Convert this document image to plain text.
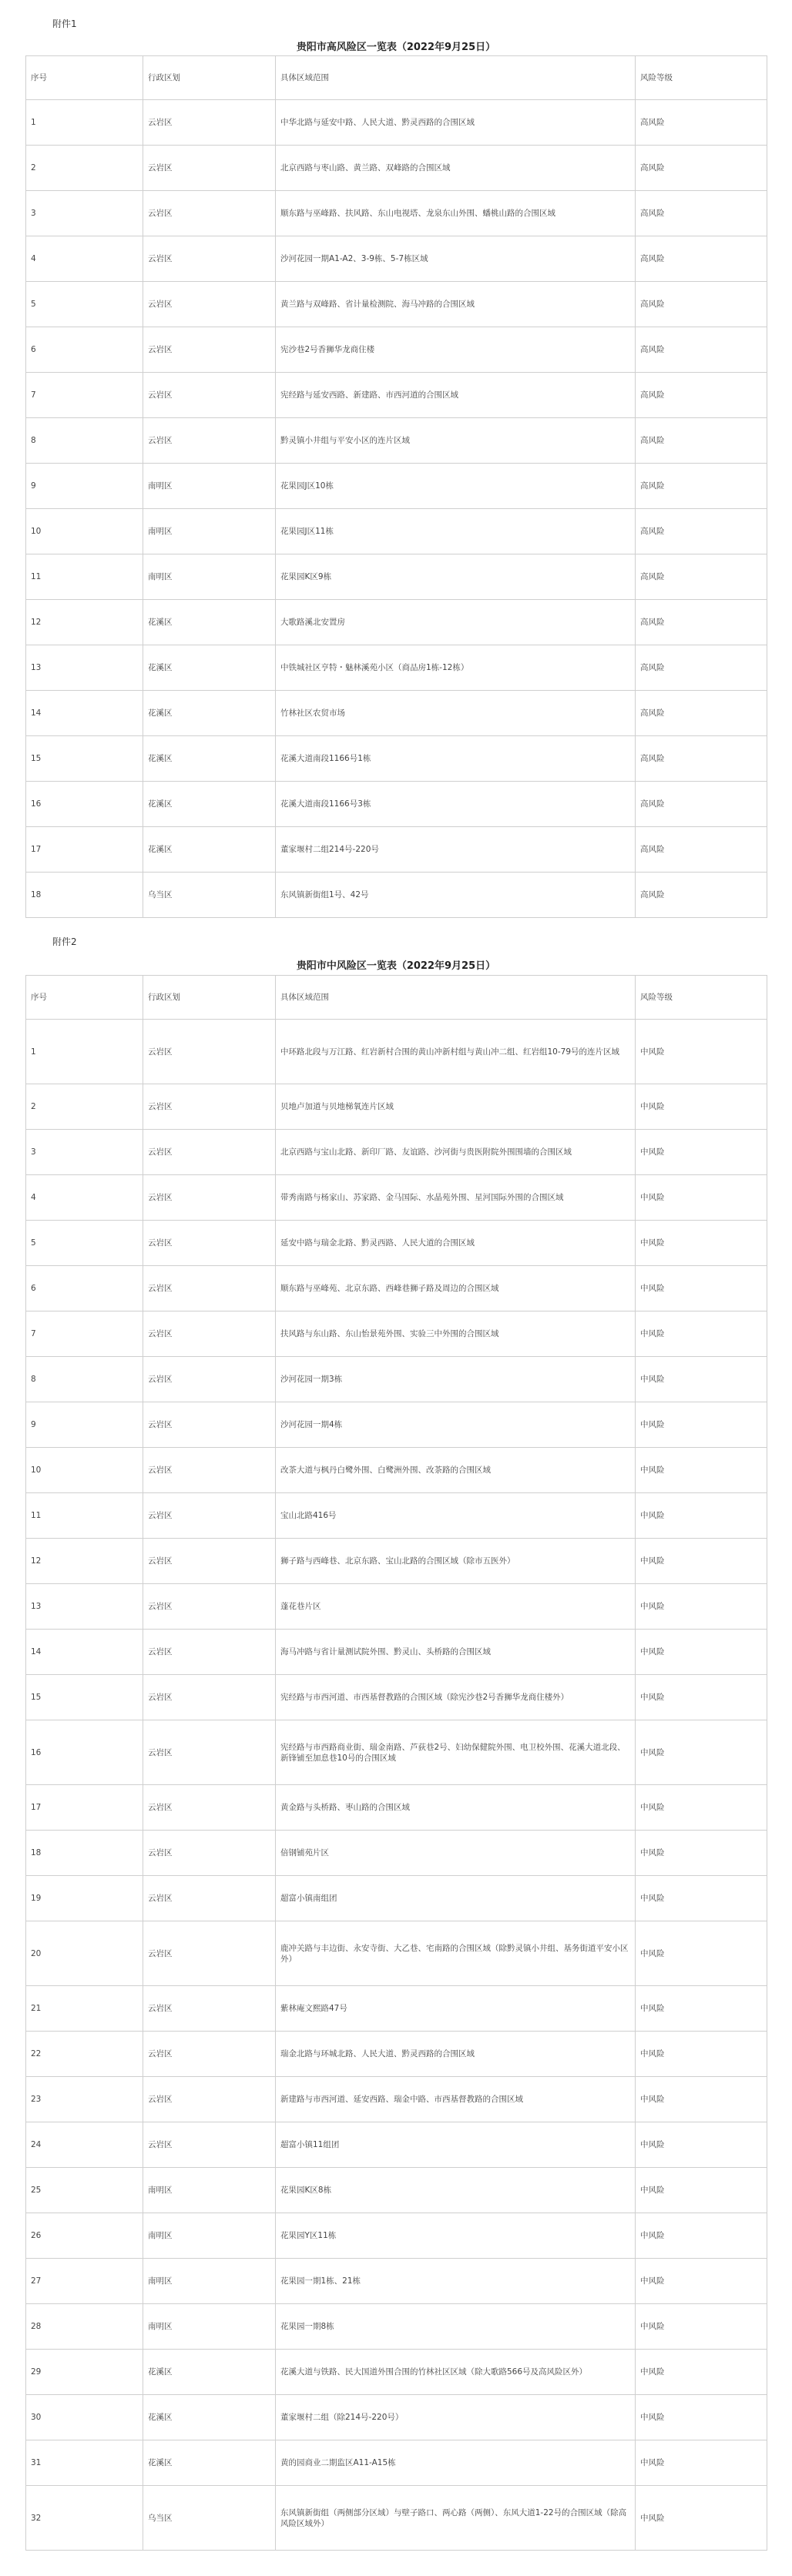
附件1
贵阳市高风险区一览表（2022年9月25日）
序号	行政区划	具体区域范围	风险等级
1	云岩区	中华北路与延安中路、人民大道、黔灵西路的合围区域	高风险
2	云岩区	北京西路与枣山路、黄兰路、双峰路的合围区域	高风险
3	云岩区	顺东路与巫峰路、扶风路、东山电视塔、龙泉东山外围、蟠桃山路的合围区域	高风险
4	云岩区	沙河花园一期A1-A2、3-9栋、5-7栋区域	高风险
5	云岩区	黄兰路与双峰路、省计量检测院、海马冲路的合围区域	高风险
6	云岩区	宪沙巷2号香狮华龙商住楼	高风险
7	云岩区	宪经路与延安西路、新建路、市西河道的合围区域	高风险
8	云岩区	黔灵镇小井组与平安小区的连片区域	高风险
9	南明区	花果园J区10栋	高风险
10	南明区	花果园J区11栋	高风险
11	南明区	花果园K区9栋	高风险
12	花溪区	大歌路溪北安置房	高风险
13	花溪区	中铁城社区亨特・魅林溪苑小区（商品房1栋-12栋）	高风险
14	花溪区	竹林社区农贸市场	高风险
15	花溪区	花溪大道南段1166号1栋	高风险
16	花溪区	花溪大道南段1166号3栋	高风险
17	花溪区	董家堰村二组214号-220号	高风险
18	乌当区	东风镇新街组1号、42号	高风险
附件2
贵阳市中风险区一览表（2022年9月25日）
序号	行政区划	具体区域范围	风险等级
1	云岩区	中环路北段与万江路、红岩新村合围的黄山冲新村组与黄山冲二组、红岩组10-79号的连片区域	中风险
2	云岩区	贝地卢加道与贝地梯氧连片区域	中风险
3	云岩区	北京西路与宝山北路、新印厂路、友谊路、沙河街与贵医附院外围围墙的合围区域	中风险
4	云岩区	带秀南路与杨家山、苏家路、金马国际、水晶苑外围、星河国际外围的合围区域	中风险
5	云岩区	延安中路与瑞金北路、黔灵西路、人民大道的合围区域	中风险
6	云岩区	顺东路与巫峰苑、北京东路、西峰巷狮子路及周边的合围区域	中风险
7	云岩区	扶风路与东山路、东山怡景苑外围、实验三中外围的合围区域	中风险
8	云岩区	沙河花园一期3栋	中风险
9	云岩区	沙河花园一期4栋	中风险
10	云岩区	改茶大道与枫丹白鹭外围、白鹭洲外围、改茶路的合围区域	中风险
11	云岩区	宝山北路416号	中风险
12	云岩区	狮子路与西峰巷、北京东路、宝山北路的合围区域（除市五医外）	中风险
13	云岩区	蓬花巷片区	中风险
14	云岩区	海马冲路与省计量测试院外围、黔灵山、头桥路的合围区域	中风险
15	云岩区	宪经路与市西河道、市西基督教路的合围区域（除宪沙巷2号香狮华龙商住楼外）	中风险
16	云岩区	宪经路与市西路商业街、瑞金南路、芦荻巷2号、妇幼保健院外围、电卫校外围、花溪大道北段、新锋铺至加息巷10号的合围区域	中风险
17	云岩区	黄金路与头桥路、枣山路的合围区域	中风险
18	云岩区	倍钢铺苑片区	中风险
19	云岩区	超富小镇南组团	中风险
20	云岩区	鹿冲关路与丰边街、永安寺街、大乙巷、宅南路的合围区域（除黔灵镇小井组、基务街道平安小区外）	中风险
21	云岩区	紫林庵文熙路47号	中风险
22	云岩区	瑞金北路与环城北路、人民大道、黔灵西路的合围区域	中风险
23	云岩区	新建路与市西河道、延安西路、瑞金中路、市西基督教路的合围区域	中风险
24	云岩区	超富小镇11组团	中风险
25	南明区	花果园K区8栋	中风险
26	南明区	花果园Y区11栋	中风险
27	南明区	花果园一期1栋、21栋	中风险
28	南明区	花果园一期8栋	中风险
29	花溪区	花溪大道与铁路、民大国道外围合围的竹林社区区域（除大歌路566号及高风险区外）	中风险
30	花溪区	董家堰村二组（除214号-220号）	中风险
31	花溪区	黄的园商业二期监区A11-A15栋	中风险
32	乌当区	东风镇新街组（两侧部分区域）与壁子路口、两心路（两侧）、东风大道1-22号的合围区域（除高风险区域外）	中风险
